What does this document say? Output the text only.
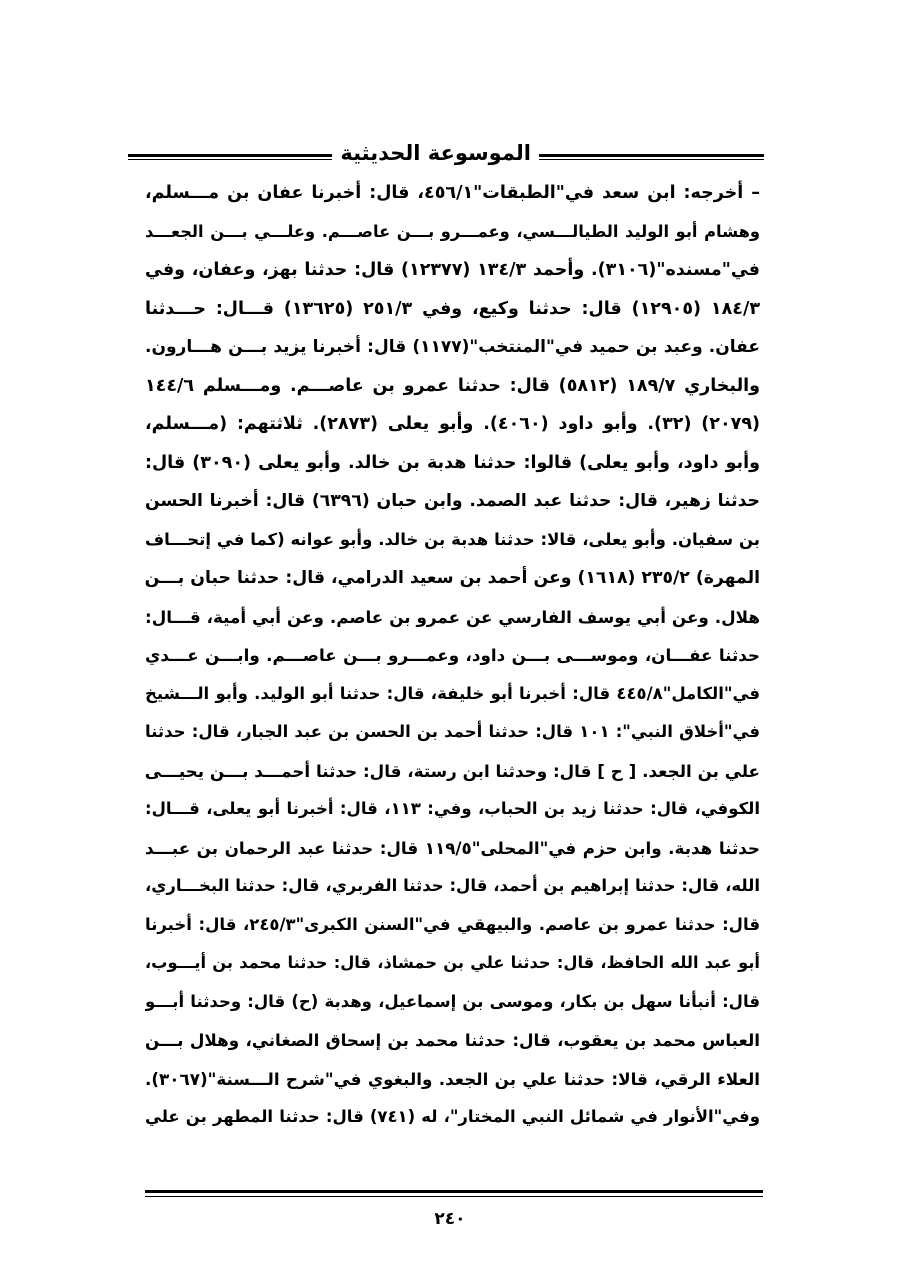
الموسوعة الحديثية
– أخرجه: ابن سعد في"الطبقات"٤٥٦/١، قال: أخبرنا عفان بن مـــسلم،
وهشام أبو الوليد الطيالـــسي، وعمـــرو بـــن عاصـــم. وعلـــي بـــن الجعـــد
في"مسنده"(٣١٠٦). وأحمد ١٣٤/٣ (١٢٣٧٧) قال: حدثنا بهز، وعفان، وفي
١٨٤/٣ (١٢٩٠٥) قال: حدثنا وكيع، وفي ٢٥١/٣ (١٣٦٢٥) قـــال: حـــدثنا
عفان. وعبد بن حميد في"المنتخب"(١١٧٧) قال: أخبرنا يزيد بـــن هـــارون.
والبخاري ١٨٩/٧ (٥٨١٢) قال: حدثنا عمرو بن عاصـــم. ومـــسلم ١٤٤/٦
(٢٠٧٩) (٣٢). وأبو داود (٤٠٦٠). وأبو يعلى (٢٨٧٣). ثلاثتهم: (مـــسلم،
وأبو داود، وأبو يعلى) قالوا: حدثنا هدبة بن خالد. وأبو يعلى (٣٠٩٠) قال:
حدثنا زهير، قال: حدثنا عبد الصمد. وابن حبان (٦٣٩٦) قال: أخبرنا الحسن
بن سفيان. وأبو يعلى، قالا: حدثنا هدبة بن خالد. وأبو عوانه (كما في إتحـــاف
المهرة) ٢٣٥/٢ (١٦١٨) وعن أحمد بن سعيد الدرامي، قال: حدثنا حبان بـــن
هلال. وعن أبي يوسف الفارسي عن عمرو بن عاصم. وعن أبي أمية، قـــال:
حدثنا عفـــان، وموســـى بـــن داود، وعمـــرو بـــن عاصـــم. وابـــن عـــدي
في"الكامل"٤٤٥/٨ قال: أخبرنا أبو خليفة، قال: حدثنا أبو الوليد. وأبو الـــشيخ
في"أخلاق النبي": ١٠١ قال: حدثنا أحمد بن الحسن بن عبد الجبار، قال: حدثنا
علي بن الجعد. [ ح ] قال: وحدثنا ابن رستة، قال: حدثنا أحمـــد بـــن يحيـــى
الكوفي، قال: حدثنا زيد بن الحباب، وفي: ١١٣، قال: أخبرنا أبو يعلى، قـــال:
حدثنا هدبة. وابن حزم في"المحلى"١١٩/٥ قال: حدثنا عبد الرحمان بن عبـــد
الله، قال: حدثنا إبراهيم بن أحمد، قال: حدثنا الفربري، قال: حدثنا البخـــاري،
قال: حدثنا عمرو بن عاصم. والبيهقي في"السنن الكبرى"٢٤٥/٣، قال: أخبرنا
أبو عبد الله الحافظ، قال: حدثنا علي بن حمشاذ، قال: حدثنا محمد بن أيـــوب،
قال: أنبأنا سهل بن بكار، وموسى بن إسماعيل، وهدبة (ح) قال: وحدثنا أبـــو
العباس محمد بن يعقوب، قال: حدثنا محمد بن إسحاق الصغاني، وهلال بـــن
العلاء الرقي، قالا: حدثنا علي بن الجعد. والبغوي في"شرح الـــسنة"(٣٠٦٧).
وفي"الأنوار في شمائل النبي المختار"، له (٧٤١) قال: حدثنا المطهر بن علي
٢٤٠
